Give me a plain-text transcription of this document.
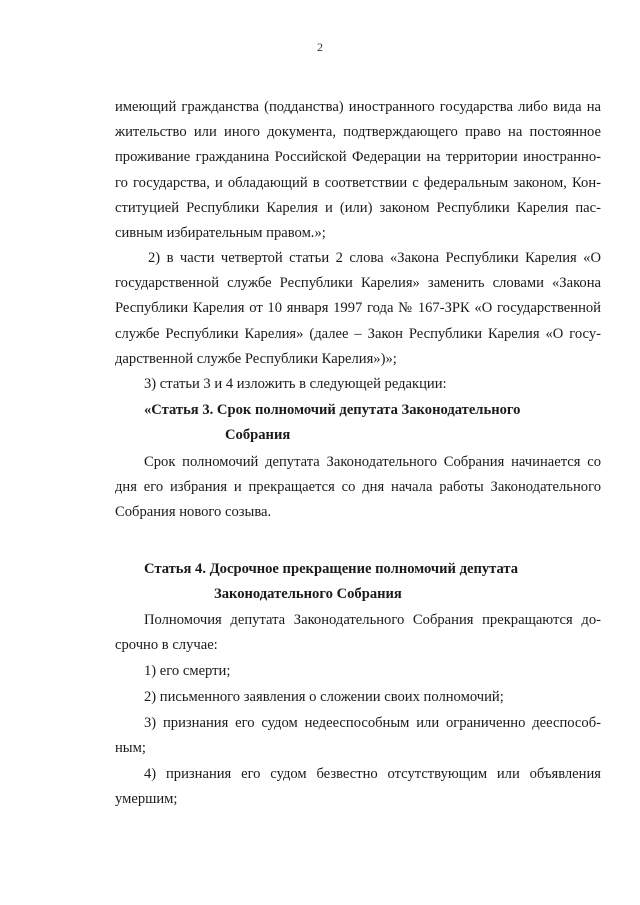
2
имеющий гражданства (подданства) иностранного государства либо вида на
жительство или иного документа, подтверждающего право на постоянное
проживание гражданина Российской Федерации на территории иностранно-
го государства, и обладающий в соответствии с федеральным законом, Кон-
ституцией Республики Карелия и (или) законом Республики Карелия пас-
сивным избирательным правом.»;
2) в части четвертой статьи 2 слова «Закона Республики Карелия «О
государственной службе Республики Карелия» заменить словами «Закона
Республики Карелия от 10 января 1997 года № 167-ЗРК «О государственной
службе Республики Карелия» (далее – Закон Республики Карелия «О госу-
дарственной службе Республики Карелия»)»;
3) статьи 3 и 4 изложить в следующей редакции:
«Статья 3. Срок полномочий депутата Законодательного
Собрания
Срок полномочий депутата Законодательного Собрания начинается со
дня его избрания и прекращается со дня начала работы Законодательного
Собрания нового созыва.
Статья 4. Досрочное прекращение полномочий депутата
Законодательного Собрания
Полномочия депутата Законодательного Собрания прекращаются до-
срочно в случае:
1) его смерти;
2) письменного заявления о сложении своих полномочий;
3) признания его судом недееспособным или ограниченно дееспособ-
ным;
4) признания его судом безвестно отсутствующим или объявления
умершим;
